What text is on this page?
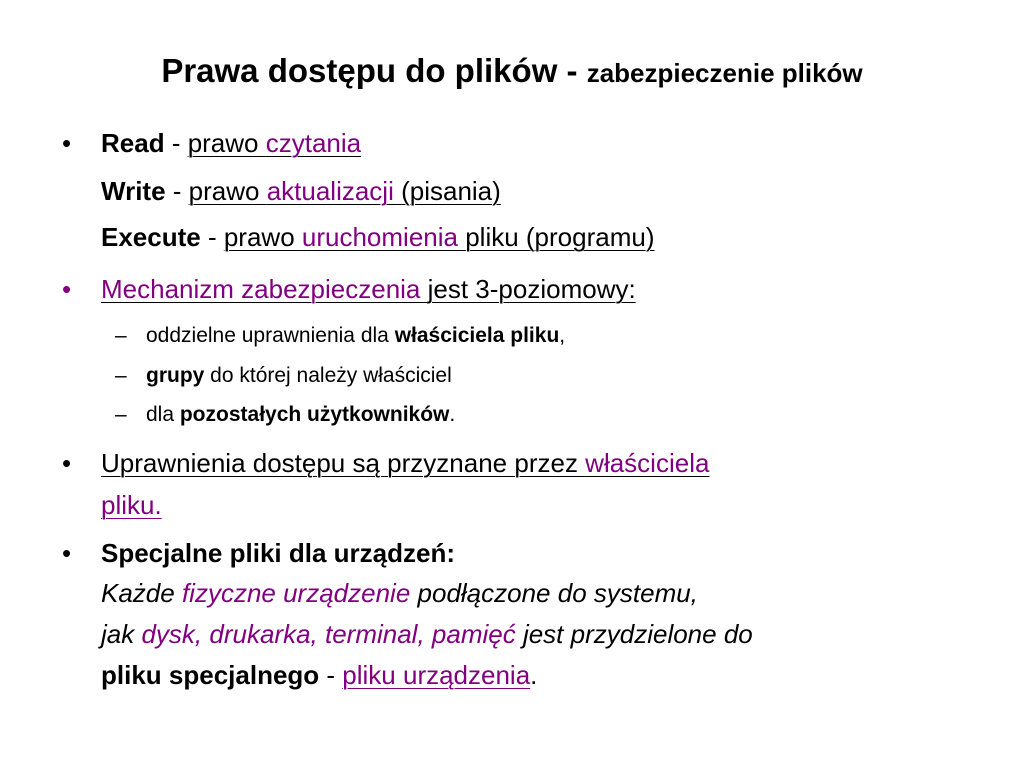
Prawa dostępu do plików - zabezpieczenie plików
• Read - prawo czytania
Write - prawo aktualizacji (pisania)
Execute - prawo uruchomienia pliku (programu)
• Mechanizm zabezpieczenia jest 3-poziomowy:
– oddzielne uprawnienia dla właściciela pliku,
– grupy do której należy właściciel
– dla pozostałych użytkowników.
• Uprawnienia dostępu są przyznane przez właściciela
pliku.
• Specjalne pliki dla urządzeń:
Każde fizyczne urządzenie podłączone do systemu,
jak dysk, drukarka, terminal, pamięć jest przydzielone do
pliku specjalnego - pliku urządzenia.
